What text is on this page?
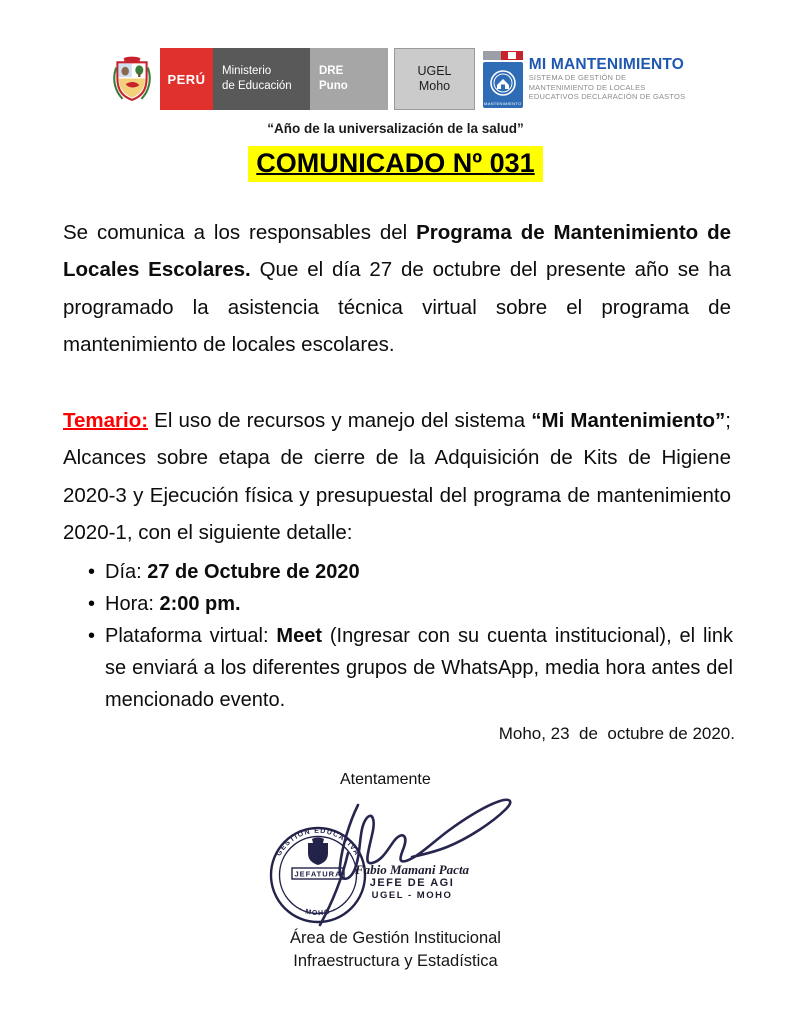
PERÚ
Ministerio
de Educación
DRE
Puno
UGEL
Moho
MANTENIMIENTO
MI MANTENIMIENTO
SISTEMA DE GESTIÓN DE
MANTENIMIENTO DE LOCALES
EDUCATIVOS DECLARACIÓN DE GASTOS
“Año de la universalización de la salud”
COMUNICADO Nº 031

Se comunica a los responsables del Programa de Mantenimiento de Locales Escolares. Que el día 27 de octubre del presente año se ha programado la asistencia técnica virtual sobre el programa de mantenimiento de locales escolares.

Temario: El uso de recursos y manejo del sistema “Mi Mantenimiento”; Alcances sobre etapa de cierre de la Adquisición de Kits de Higiene 2020-3 y Ejecución física y presupuestal del programa de mantenimiento 2020-1, con el siguiente detalle:

• Día: 27 de Octubre de 2020
• Hora: 2:00 pm.
• Plataforma virtual: Meet (Ingresar con su cuenta institucional), el link se enviará a los diferentes grupos de WhatsApp, media hora antes del mencionado evento.
Moho, 23  de  octubre de 2020.
Atentamente
GESTIÓN EDUCATIVA
· MOHO ·
JEFATURA	Fabio Mamani Pacta
JEFE DE AGI
UGEL - MOHO
Área de Gestión Institucional
Infraestructura y Estadística
